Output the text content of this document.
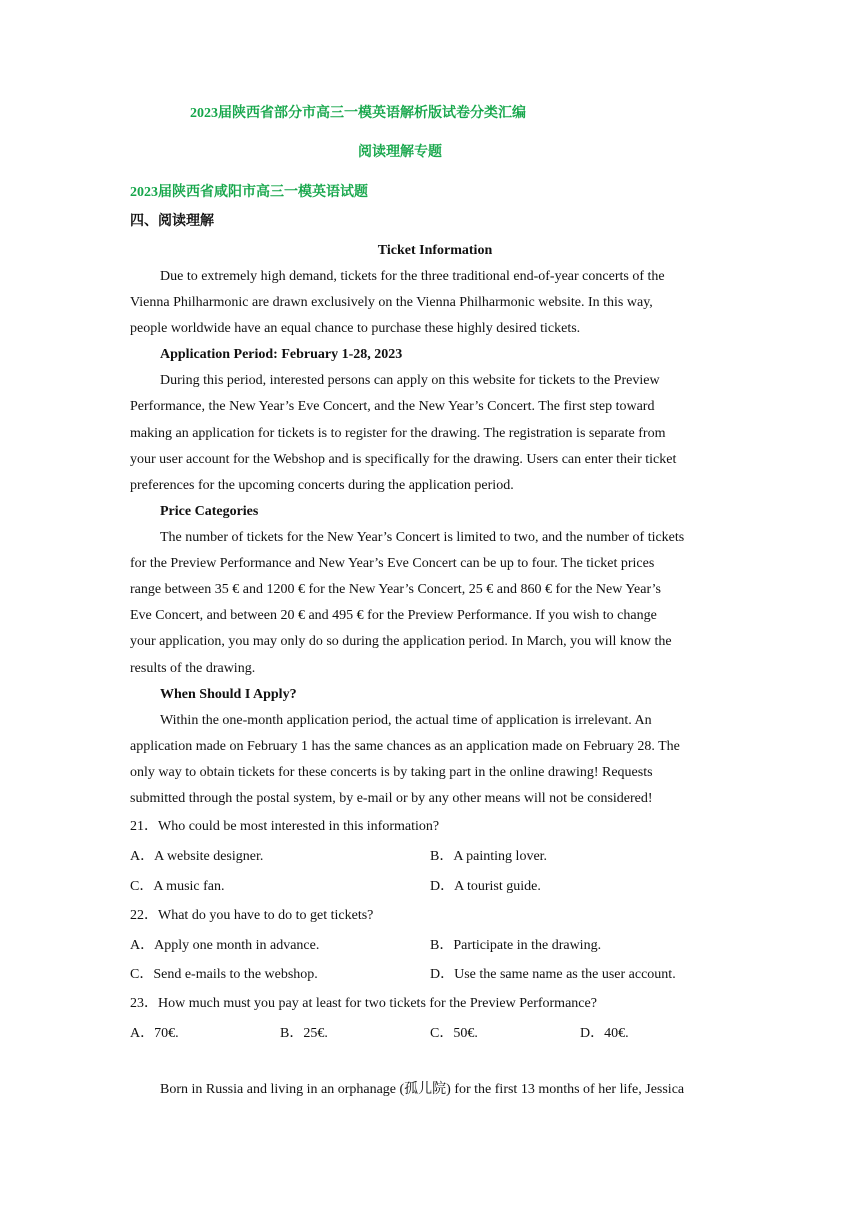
2023届陕西省部分市高三一模英语解析版试卷分类汇编
阅读理解专题
2023届陕西省咸阳市高三一模英语试题
四、阅读理解
Ticket Information
Due to extremely high demand, tickets for the three traditional end-of-year concerts of the
Vienna Philharmonic are drawn exclusively on the Vienna Philharmonic website. In this way,
people worldwide have an equal chance to purchase these highly desired tickets.
Application Period: February 1-28, 2023
During this period, interested persons can apply on this website for tickets to the Preview
Performance, the New Year’s Eve Concert, and the New Year’s Concert. The first step toward
making an application for tickets is to register for the drawing. The registration is separate from
your user account for the Webshop and is specifically for the drawing. Users can enter their ticket
preferences for the upcoming concerts during the application period.
Price Categories
The number of tickets for the New Year’s Concert is limited to two, and the number of tickets
for the Preview Performance and New Year’s Eve Concert can be up to four. The ticket prices
range between 35 € and 1200 € for the New Year’s Concert, 25 € and 860 € for the New Year’s
Eve Concert, and between 20 € and 495 € for the Preview Performance. If you wish to change
your application, you may only do so during the application period. In March, you will know the
results of the drawing.
When Should I Apply?
Within the one-month application period, the actual time of application is irrelevant. An
application made on February 1 has the same chances as an application made on February 28. The
only way to obtain tickets for these concerts is by taking part in the online drawing! Requests
submitted through the postal system, by e-mail or by any other means will not be considered!
21．Who could be most interested in this information?
A．A website designer.	B．A painting lover.
C．A music fan.	D．A tourist guide.
22．What do you have to do to get tickets?
A．Apply one month in advance.	B．Participate in the drawing.
C．Send e-mails to the webshop.	D．Use the same name as the user account.
23．How much must you pay at least for two tickets for the Preview Performance?
A．70€.	B．25€.	C．50€.	D．40€.
Born in Russia and living in an orphanage (孤儿院) for the first 13 months of her life, Jessica
